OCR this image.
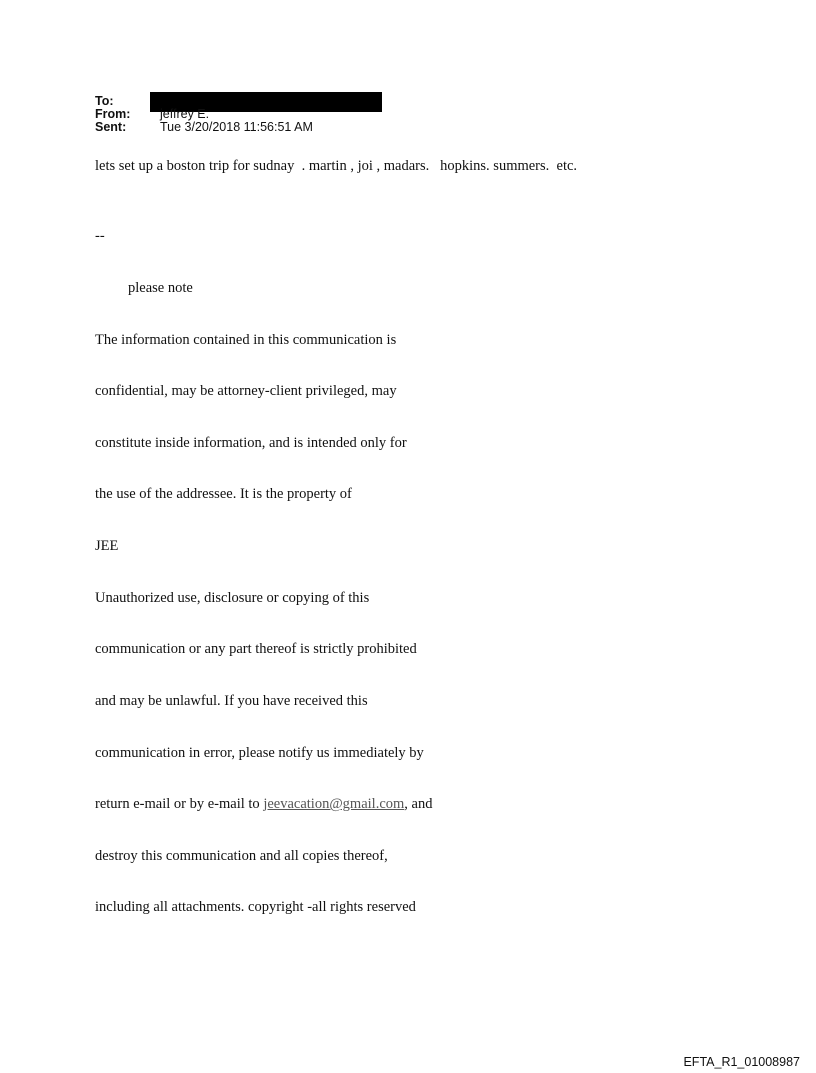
To:
From:	jeffrey E.
Sent:	Tue 3/20/2018 11:56:51 AM
lets set up a boston trip for sudnay  . martin , joi , madars.   hopkins. summers.  etc.

--

please note

The information contained in this communication is

confidential, may be attorney-client privileged, may

constitute inside information, and is intended only for

the use of the addressee. It is the property of

JEE

Unauthorized use, disclosure or copying of this

communication or any part thereof is strictly prohibited

and may be unlawful. If you have received this

communication in error, please notify us immediately by

return e-mail or by e-mail to jeevacation@gmail.com, and

destroy this communication and all copies thereof,

including all attachments. copyright -all rights reserved

EFTA_R1_01008987
